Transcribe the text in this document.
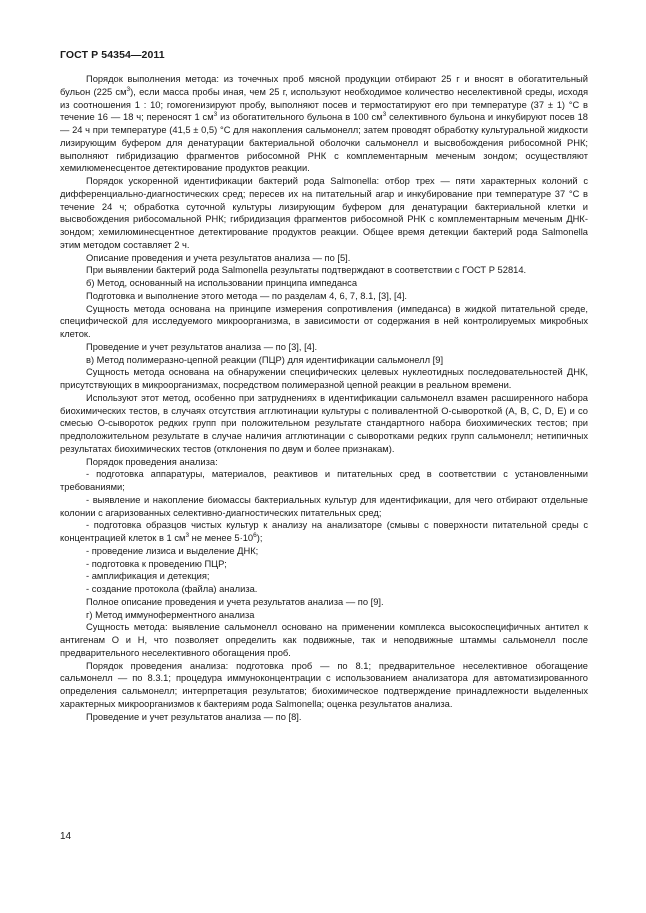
ГОСТ Р 54354—2011

Порядок выполнения метода: из точечных проб мясной продукции отбирают 25 г и вносят в обогатительный бульон (225 $см^3$), если масса пробы иная, чем 25 г, используют необходимое количество неселективной среды, исходя из соотношения 1 : 10; гомогенизируют пробу, выполняют посев и термостатируют его при температуре (37 ± 1) °С в течение 16 — 18 ч; переносят 1 $см^3$ из обогатительного бульона в 100 $см^3$ селективного бульона и инкубируют посев 18 — 24 ч при температуре (41,5 ± 0,5) °С для накопления сальмонелл; затем проводят обработку культуральной жидкости лизирующим буфером для денатурации бактериальной оболочки сальмонелл и высвобождения рибосомной РНК; выполняют гибридизацию фрагментов рибосомной РНК с комплементарным меченым зондом; осуществляют хемилюменесцентое детектирование продуктов реакции.

Порядок ускоренной идентификации бактерий рода Salmonella: отбор трех — пяти характерных колоний с дифференциально-диагностических сред; пересев их на питательный агар и инкубирование при температуре 37 °С в течение 24 ч; обработка суточной культуры лизирующим буфером для денатурации бактериальной клетки и высвобождения рибосомальной РНК; гибридизация фрагментов рибосомной РНК с комплементарным меченым ДНК-зондом; хемилюминесцентное детектирование продуктов реакции. Общее время детекции бактерий рода Salmonella этим методом составляет 2 ч.

Описание проведения и учета результатов анализа — по [5].

При выявлении бактерий рода Salmonella результаты подтверждают в соответствии с ГОСТ Р 52814.

б) Метод, основанный на использовании принципа импеданса

Подготовка и выполнение этого метода — по разделам 4, 6, 7, 8.1, [3], [4].

Сущность метода основана на принципе измерения сопротивления (импеданса) в жидкой питательной среде, специфической для исследуемого микроорганизма, в зависимости от содержания в ней контролируемых микробных клеток.

Проведение и учет результатов анализа — по [3], [4].

в) Метод полимеразно-цепной реакции (ПЦР) для идентификации сальмонелл [9]

Сущность метода основана на обнаружении специфических целевых нуклеотидных последовательностей ДНК, присутствующих в микроорганизмах, посредством полимеразной цепной реакции в реальном времени.

Используют этот метод, особенно при затруднениях в идентификации сальмонелл взамен расширенного набора биохимических тестов, в случаях отсутствия агглютинации культуры с поливалентной О-сывороткой (А, В, С, D, Е) и со смесью О-сывороток редких групп при положительном результате стандартного набора биохимических тестов; при предположительном результате в случае наличия агглютинации с сыворотками редких групп сальмонелл; нетипичных результатах биохимических тестов (отклонения по двум и более признакам).

Порядок проведения анализа:

- подготовка аппаратуры, материалов, реактивов и питательных сред в соответствии с установленными требованиями;

- выявление и накопление биомассы бактериальных культур для идентификации, для чего отбирают отдельные колонии с агаризованных селективно-диагностических питательных сред;

- подготовка образцов чистых культур к анализу на анализаторе (смывы с поверхности питательной среды с концентрацией клеток в 1 $см^3$ не менее $5\cdot 10^6$);

- проведение лизиса и выделение ДНК;

- подготовка к проведению ПЦР;

- амплификация и детекция;

- создание протокола (файла) анализа.

Полное описание проведения и учета результатов анализа — по [9].

г) Метод иммуноферментного анализа

Сущность метода: выявление сальмонелл основано на применении комплекса высокоспецифичных антител к антигенам О и Н, что позволяет определить как подвижные, так и неподвижные штаммы сальмонелл после предварительного неселективного обогащения проб.

Порядок проведения анализа: подготовка проб — по 8.1; предварительное неселективное обогащение сальмонелл — по 8.3.1; процедура иммуноконцентрации с использованием анализатора для автоматизированного определения сальмонелл; интерпретация результатов; биохимическое подтверждение принадлежности выделенных характерных микроорганизмов к бактериям рода Salmonella; оценка результатов анализа.

Проведение и учет результатов анализа — по [8].

14
